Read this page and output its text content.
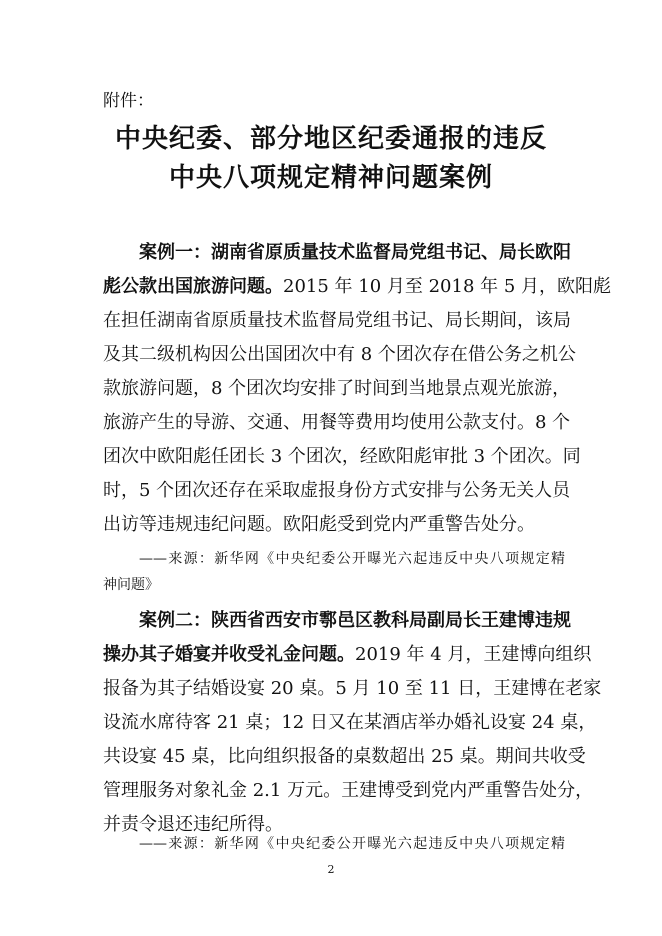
附件：
中央纪委、部分地区纪委通报的违反
中央八项规定精神问题案例
案例一：湖南省原质量技术监督局党组书记、局长欧阳
彪公款出国旅游问题。2015 年 10 月至 2018 年 5 月，欧阳彪
在担任湖南省原质量技术监督局党组书记、局长期间，该局
及其二级机构因公出国团次中有 8 个团次存在借公务之机公
款旅游问题，8 个团次均安排了时间到当地景点观光旅游，
旅游产生的导游、交通、用餐等费用均使用公款支付。8 个
团次中欧阳彪任团长 3 个团次，经欧阳彪审批 3 个团次。同
时，5 个团次还存在采取虚报身份方式安排与公务无关人员
出访等违规违纪问题。欧阳彪受到党内严重警告处分。
——来源：新华网《中央纪委公开曝光六起违反中央八项规定精
神问题》
案例二：陕西省西安市鄠邑区教科局副局长王建博违规
操办其子婚宴并收受礼金问题。2019 年 4 月，王建博向组织
报备为其子结婚设宴 20 桌。5 月 10 至 11 日，王建博在老家
设流水席待客 21 桌；12 日又在某酒店举办婚礼设宴 24 桌，
共设宴 45 桌，比向组织报备的桌数超出 25 桌。期间共收受
管理服务对象礼金 2.1 万元。王建博受到党内严重警告处分，
并责令退还违纪所得。
——来源：新华网《中央纪委公开曝光六起违反中央八项规定精
2
